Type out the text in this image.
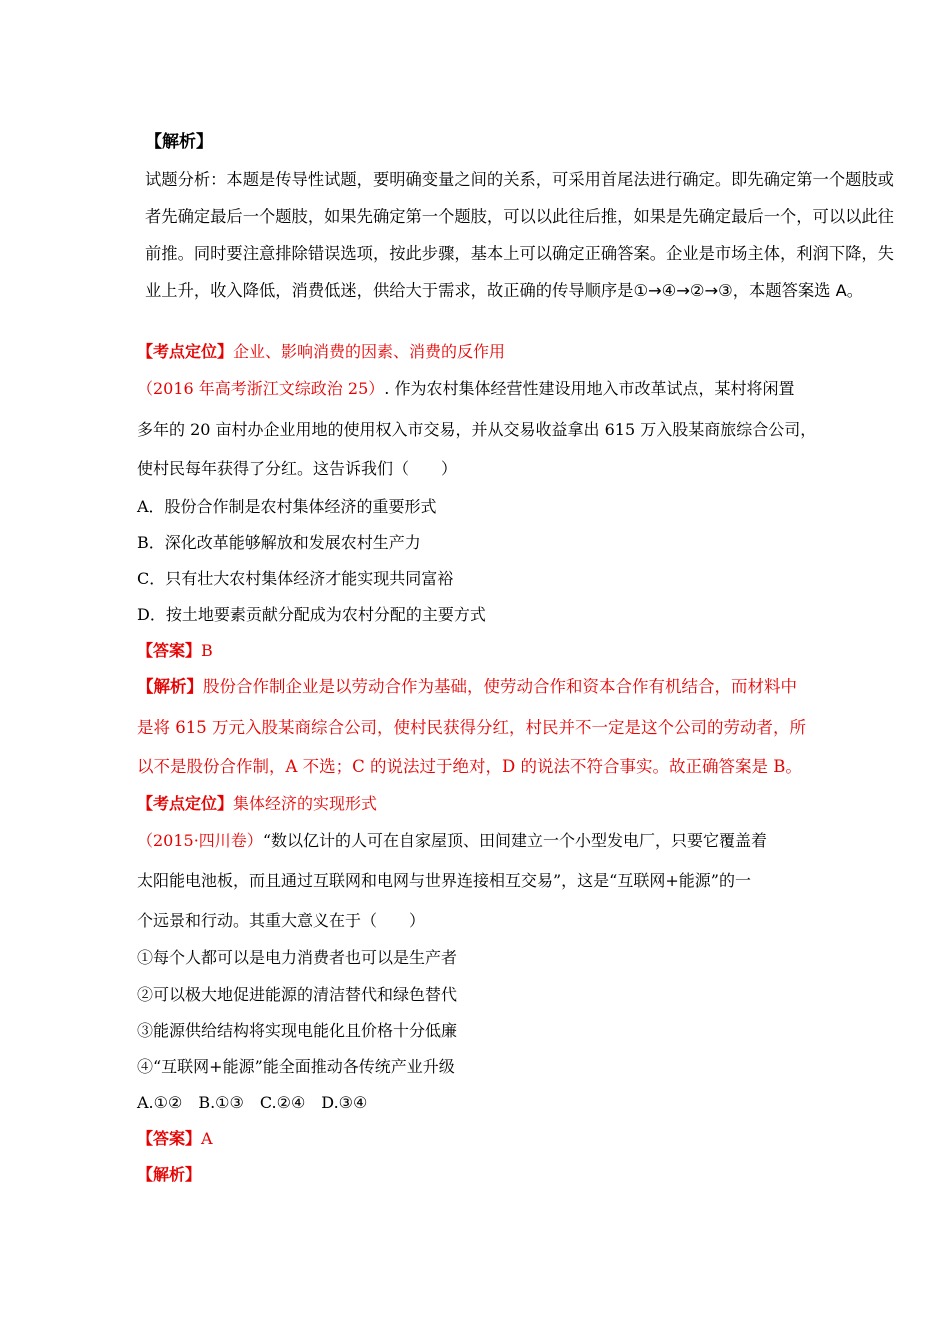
【解析】
试题分析：本题是传导性试题，要明确变量之间的关系，可采用首尾法进行确定。即先确定第一个题肢或
者先确定最后一个题肢，如果先确定第一个题肢，可以以此往后推，如果是先确定最后一个，可以以此往
前推。同时要注意排除错误选项，按此步骤，基本上可以确定正确答案。企业是市场主体，利润下降，失
业上升，收入降低，消费低迷，供给大于需求，故正确的传导顺序是①→④→②→③，本题答案选 A。
【考点定位】企业、影响消费的因素、消费的反作用
（2016 年高考浙江文综政治 25）. 作为农村集体经营性建设用地入市改革试点，某村将闲置
多年的 20 亩村办企业用地的使用权入市交易，并从交易收益拿出 615 万入股某商旅综合公司，
使村民每年获得了分红。这告诉我们（　　）
A．股份合作制是农村集体经济的重要形式
B．深化改革能够解放和发展农村生产力
C．只有壮大农村集体经济才能实现共同富裕
D．按土地要素贡献分配成为农村分配的主要方式
【答案】B
【解析】股份合作制企业是以劳动合作为基础，使劳动合作和资本合作有机结合，而材料中
是将 615 万元入股某商综合公司，使村民获得分红，村民并不一定是这个公司的劳动者，所
以不是股份合作制，A 不选；C 的说法过于绝对，D 的说法不符合事实。故正确答案是 B。
【考点定位】集体经济的实现形式
（2015·四川卷）“数以亿计的人可在自家屋顶、田间建立一个小型发电厂，只要它覆盖着
太阳能电池板，而且通过互联网和电网与世界连接相互交易”，这是“互联网+能源”的一
个远景和行动。其重大意义在于（　　）
①每个人都可以是电力消费者也可以是生产者
②可以极大地促进能源的清洁替代和绿色替代
③能源供给结构将实现电能化且价格十分低廉
④“互联网+能源”能全面推动各传统产业升级
A.①②　B.①③　C.②④　D.③④
【答案】A
【解析】
